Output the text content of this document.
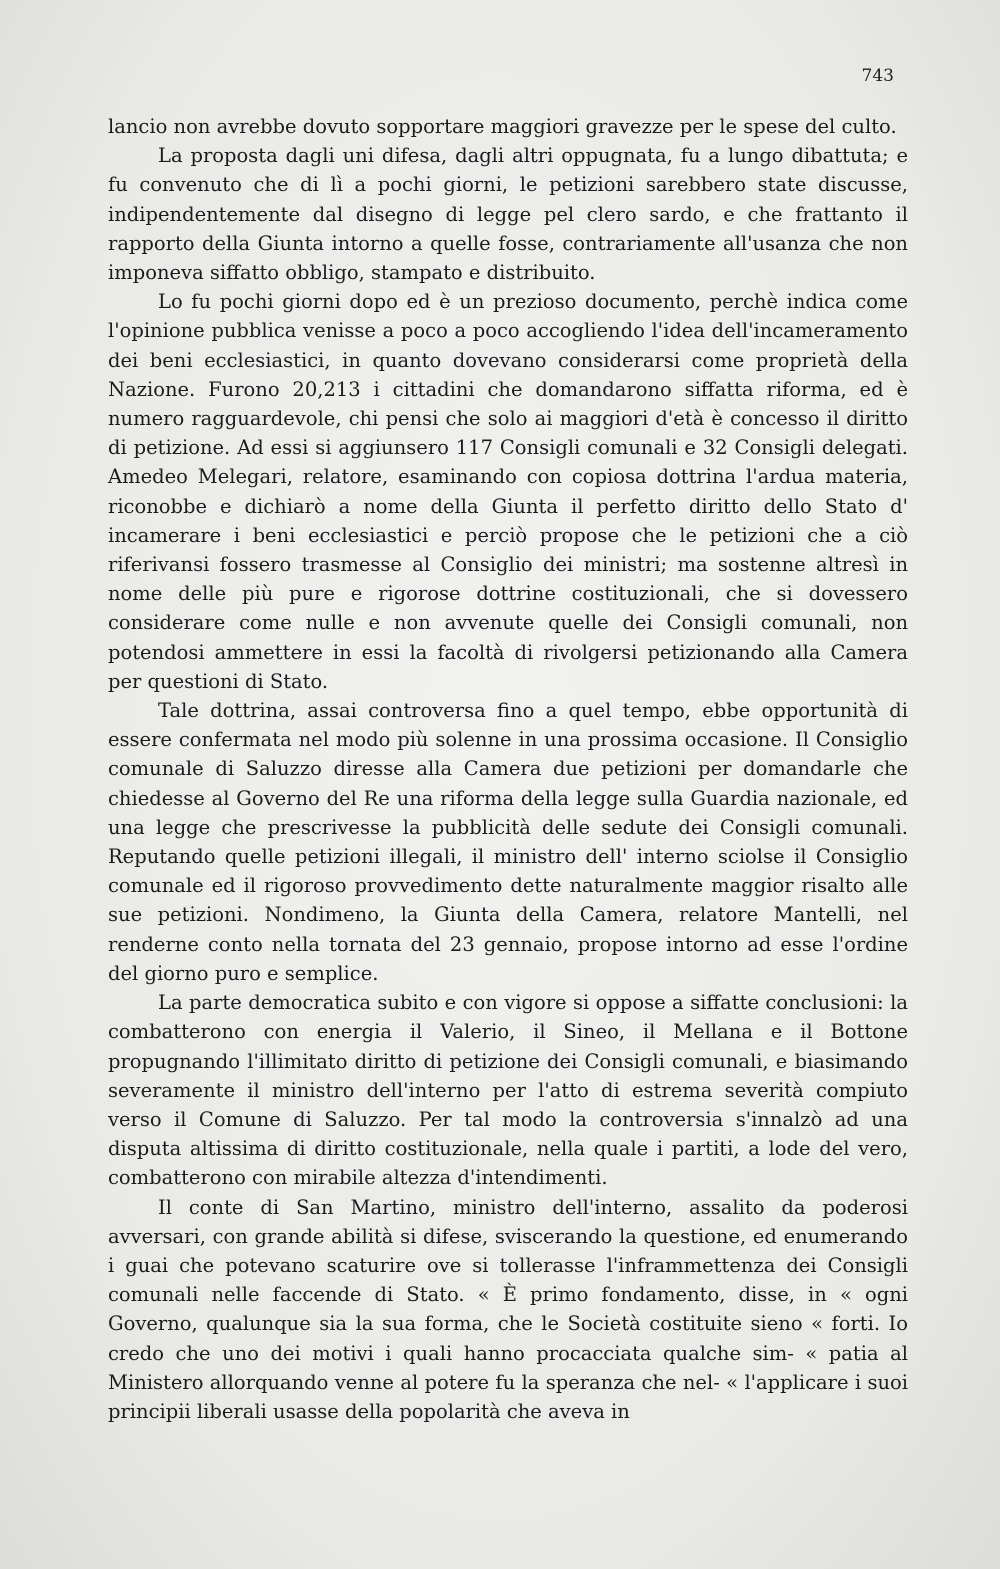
743

lancio non avrebbe dovuto sopportare maggiori gravezze per le spese del culto.

La proposta dagli uni difesa, dagli altri oppugnata, fu a lungo dibattuta; e fu convenuto che di lì a pochi giorni, le petizioni sarebbero state discusse, indipendentemente dal disegno di legge pel clero sardo, e che frattanto il rapporto della Giunta intorno a quelle fosse, contrariamente all'usanza che non imponeva siffatto obbligo, stampato e distribuito.

Lo fu pochi giorni dopo ed è un prezioso documento, perchè indica come l'opinione pubblica venisse a poco a poco accogliendo l'idea dell'incameramento dei beni ecclesiastici, in quanto dovevano considerarsi come proprietà della Nazione. Furono 20,213 i cittadini che domandarono siffatta riforma, ed è numero ragguardevole, chi pensi che solo ai maggiori d'età è concesso il diritto di petizione. Ad essi si aggiunsero 117 Consigli comunali e 32 Consigli delegati. Amedeo Melegari, relatore, esaminando con copiosa dottrina l'ardua materia, riconobbe e dichiarò a nome della Giunta il perfetto diritto dello Stato d' incamerare i beni ecclesiastici e perciò propose che le petizioni che a ciò riferivansi fossero trasmesse al Consiglio dei ministri; ma sostenne altresì in nome delle più pure e rigorose dottrine costituzionali, che si dovessero considerare come nulle e non avvenute quelle dei Consigli comunali, non potendosi ammettere in essi la facoltà di rivolgersi petizionando alla Camera per questioni di Stato.

Tale dottrina, assai controversa fino a quel tempo, ebbe opportunità di essere confermata nel modo più solenne in una prossima occasione. Il Consiglio comunale di Saluzzo diresse alla Camera due petizioni per domandarle che chiedesse al Governo del Re una riforma della legge sulla Guardia nazionale, ed una legge che prescrivesse la pubblicità delle sedute dei Consigli comunali. Reputando quelle petizioni illegali, il ministro dell' interno sciolse il Consiglio comunale ed il rigoroso provvedimento dette naturalmente maggior risalto alle sue petizioni. Nondimeno, la Giunta della Camera, relatore Mantelli, nel renderne conto nella tornata del 23 gennaio, propose intorno ad esse l'ordine del giorno puro e semplice.

La parte democratica subito e con vigore si oppose a siffatte conclusioni: la combatterono con energia il Valerio, il Sineo, il Mellana e il Bottone propugnando l'illimitato diritto di petizione dei Consigli comunali, e biasimando severamente il ministro dell'interno per l'atto di estrema severità compiuto verso il Comune di Saluzzo. Per tal modo la controversia s'innalzò ad una disputa altissima di diritto costituzionale, nella quale i partiti, a lode del vero, combatterono con mirabile altezza d'intendimenti.

Il conte di San Martino, ministro dell'interno, assalito da poderosi avversari, con grande abilità si difese, sviscerando la questione, ed enumerando i guai che potevano scaturire ove si tollerasse l'inframmettenza dei Consigli comunali nelle faccende di Stato. « È primo fondamento, disse, in « ogni Governo, qualunque sia la sua forma, che le Società costituite sieno « forti. Io credo che uno dei motivi i quali hanno procacciata qualche sim- « patia al Ministero allorquando venne al potere fu la speranza che nel- « l'applicare i suoi principii liberali usasse della popolarità che aveva in
